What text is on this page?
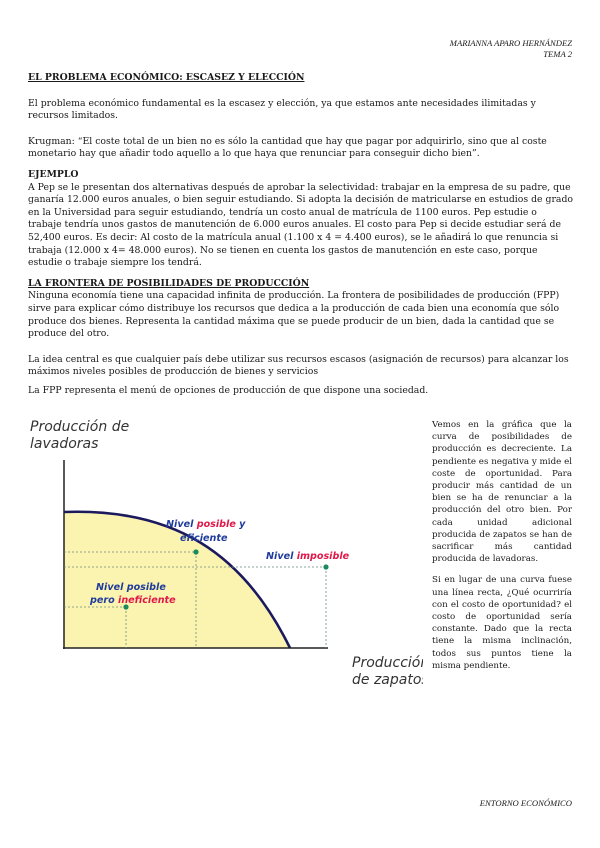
MARIANNA APARO HERNÁNDEZ
TEMA 2

EL PROBLEMA ECONÓMICO: ESCASEZ Y ELECCIÓN

El problema económico fundamental es la escasez y elección, ya que estamos ante necesidades ilimitadas y recursos limitados.

Krugman: “El coste total de un bien no es sólo la cantidad que hay que pagar por adquirirlo, sino que al coste monetario hay que añadir todo aquello a lo que haya que renunciar para conseguir dicho bien”.

EJEMPLO

A Pep se le presentan dos alternativas después de aprobar la selectividad: trabajar en la empresa de su padre, que ganaría 12.000 euros anuales, o bien seguir estudiando. Si adopta la decisión de matricularse en estudios de grado en la Universidad para seguir estudiando, tendría un costo anual de matrícula de 1100 euros. Pep estudie o trabaje tendría unos gastos de manutención de 6.000 euros anuales. El costo para Pep si decide estudiar será de 52,400 euros. Es decir: Al costo de la matrícula anual (1.100 x 4 = 4.400 euros), se le añadirá lo que renuncia si trabaja (12.000 x 4= 48.000 euros). No se tienen en cuenta los gastos de manutención en este caso, porque estudie o trabaje siempre los tendrá.

LA FRONTERA DE POSIBILIDADES DE PRODUCCIÓN

Ninguna economía tiene una capacidad infinita de producción. La frontera de posibilidades de producción (FPP) sirve para explicar cómo distribuye los recursos que dedica a la producción de cada bien una economía que sólo produce dos bienes. Representa la cantidad máxima que se puede producir de un bien, dada la cantidad que se produce del otro.

La idea central es que cualquier país debe utilizar sus recursos escasos (asignación de recursos) para alcanzar los máximos niveles posibles de producción de bienes y servicios

La FPP representa el menú de opciones de producción de que dispone una sociedad.

Producción de
lavadoras
Producción
de zapatos
Nivel posible y
eficiente
Nivel imposible
Nivel posible
pero ineficiente

Vemos en la gráfica que la curva de posibilidades de producción es decreciente. La pendiente es negativa y mide el coste de oportunidad. Para producir más cantidad de un bien se ha de renunciar a la producción del otro bien. Por cada unidad adicional producida de zapatos se han de sacrificar más cantidad producida de lavadoras.

Si en lugar de una curva fuese una línea recta, ¿Qué ocurriría con el costo de oportunidad? el costo de oportunidad sería constante. Dado que la recta tiene la misma inclinación, todos sus puntos tiene la misma pendiente.

ENTORNO ECONÓMICO
